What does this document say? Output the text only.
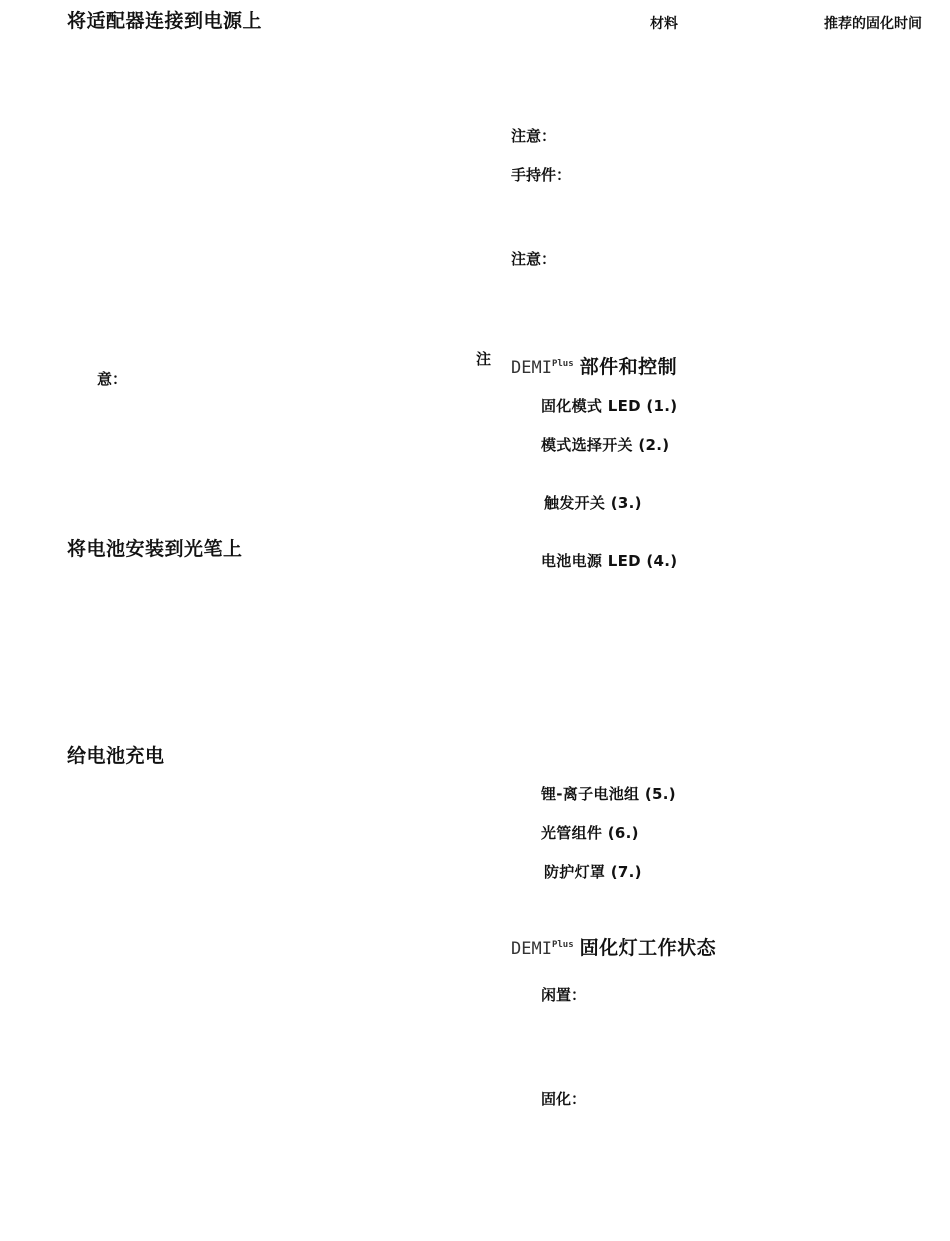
将适配器连接到电源上
注
意：
将电池安装到光笔上
给电池充电
材料	推荐的固化时间
注意：
手持件：
注意：
$DEMI^{Plus}$ 部件和控制
固化模式 LED (1.)
模式选择开关 (2.)
触发开关 (3.)
电池电源 LED (4.)
锂-离子电池组 (5.)
光管组件 (6.)
防护灯罩 (7.)
$DEMI^{Plus}$ 固化灯工作状态
闲置：
固化：
